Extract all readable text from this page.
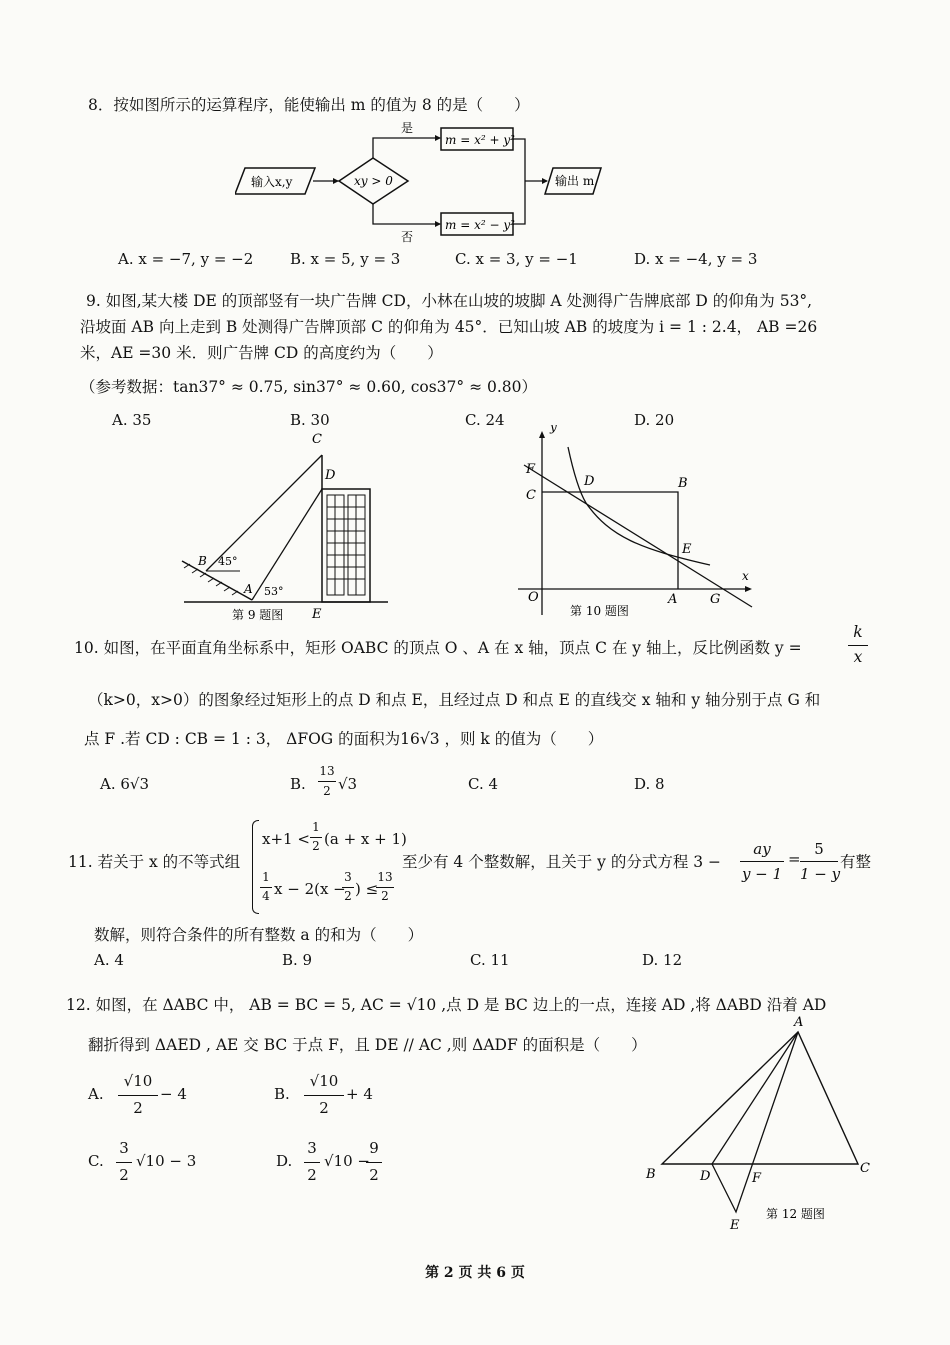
8．按如图所示的运算程序，能使输出 m 的值为 8 的是（　　）
输入x,y	xy > 0
是
m = x² + y²
否
m = x² − y²
输出 m
A. x = −7, y = −2 B. x = 5, y = 3	C. x = 3, y = −1	D. x = −4, y = 3
9. 如图,某大楼 DE 的顶部竖有一块广告牌 CD，小林在山坡的坡脚 A 处测得广告牌底部 D 的仰角为 53°,
沿坡面 AB 向上走到 B 处测得广告牌顶部 C 的仰角为 45°．已知山坡 AB 的坡度为 i = 1 : 2.4， AB =26
米，AE =30 米．则广告牌 CD 的高度约为（　　）
（参考数据：tan37° ≈ 0.75, sin37° ≈ 0.60, cos37° ≈ 0.80）
A. 35	B. 30	C. 24	D. 20
C
D
B
A
45°
53°
E
第 9 题图
y
x
F
C
D	B
E
O	A	G
第 10 题图
10. 如图，在平面直角坐标系中，矩形 OABC 的顶点 O 、A 在 x 轴，顶点 C 在 y 轴上，反比例函数 y =
k
x
（k>0，x>0）的图象经过矩形上的点 D 和点 E，且经过点 D 和点 E 的直线交 x 轴和 y 轴分别于点 G 和
点 F .若 CD : CB = 1 : 3， ΔFOG 的面积为16√3 ，则 k 的值为（　　）
A. 6√3	B.
13
2 √3	C. 4	D. 8
11. 若关于 x 的不等式组
x+1 <
1
2 (a + x + 1)
1
4 x − 2(x −
3
2 ) ≤
13
2
至少有 4 个整数解，且关于 y 的分式方程 3 −
ay
y − 1
=
5
1 − y
有整
数解，则符合条件的所有整数 a 的和为（　　）
A. 4	B. 9	C. 11	D. 12
12. 如图，在 ΔABC 中， AB = BC = 5, AC = √10 ,点 D 是 BC 边上的一点，连接 AD ,将 ΔABD 沿着 AD
翻折得到 ΔAED , AE 交 BC 于点 F，且 DE // AC ,则 ΔADF 的面积是（　　）
A.
√10
2
− 4	B.
√10
2
+ 4
C.
3
2
√10 − 3	D.
3
2
√10 −
9
2
A
B	C
D	F
E
第 12 题图
第 2 页 共 6 页
